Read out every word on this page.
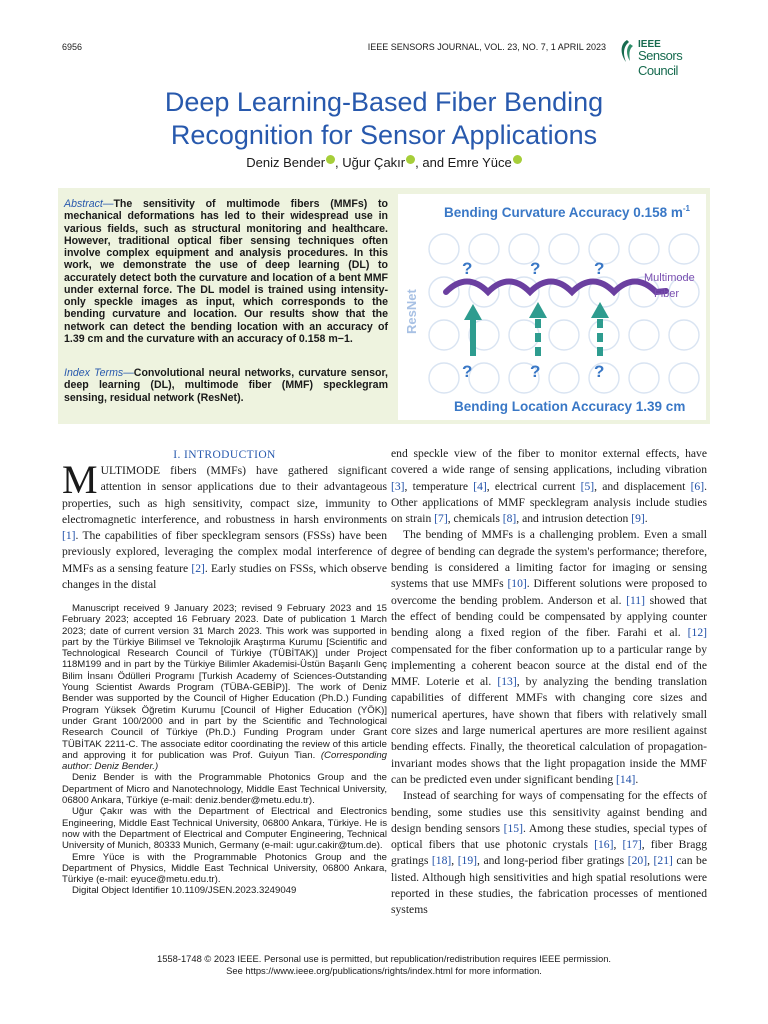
6956	IEEE SENSORS JOURNAL, VOL. 23, NO. 7, 1 APRIL 2023	IEEE
Sensors Council
Deep Learning-Based Fiber Bending
Recognition for Sensor Applications
Deniz Bender , Uğur Çakır , and Emre Yüce
Abstract—The sensitivity of multimode fibers (MMFs) to mechanical deformations has led to their widespread use in various fields, such as structural monitoring and healthcare. However, traditional optical fiber sensing techniques often involve complex equipment and analysis procedures. In this work, we demonstrate the use of deep learning (DL) to accurately detect both the curvature and location of a bent MMF under external force. The DL model is trained using intensity-only speckle images as input, which corresponds to the bending curvature and location. Our results show that the network can detect the bending location with an accuracy of 1.39 cm and the curvature with an accuracy of 0.158 m−1.
Index Terms—Convolutional neural networks, curvature sensor, deep learning (DL), multimode fiber (MMF) specklegram sensing, residual network (ResNet).
Bending Curvature Accuracy 0.158 $m^{-1}$
ResNet
Multimode
Fiber
?	?	?
?	?	?
Bending Location Accuracy 1.39 cm
I. INTRODUCTION
MULTIMODE fibers (MMFs) have gathered significant attention in sensor applications due to their advantageous properties, such as high sensitivity, compact size, immunity to electromagnetic interference, and robustness in harsh environments [1]. The capabilities of fiber specklegram sensors (FSSs) have been previously explored, leveraging the complex modal interference of MMFs as a sensing feature [2]. Early studies on FSSs, which observe changes in the distal

Manuscript received 9 January 2023; revised 9 February 2023 and 15 February 2023; accepted 16 February 2023. Date of publication 1 March 2023; date of current version 31 March 2023. This work was supported in part by the Türkiye Bilimsel ve Teknolojik Araştırma Kurumu [Scientific and Technological Research Council of Türkiye (TÜBİTAK)] under Project 118M199 and in part by the Türkiye Bilimler Akademisi-Üstün Başarılı Genç Bilim İnsanı Ödülleri Programı [Turkish Academy of Sciences-Outstanding Young Scientist Awards Program (TÜBA-GEBİP)]. The work of Deniz Bender was supported by the Council of Higher Education (Ph.D.) Funding Program Yüksek Öğretim Kurumu [Council of Higher Education (YÖK)] under Grant 100/2000 and in part by the Scientific and Technological Research Council of Türkiye (Ph.D.) Funding Program under Grant TÜBİTAK 2211-C. The associate editor coordinating the review of this article and approving it for publication was Prof. Guiyun Tian. (Corresponding author: Deniz Bender.)

Deniz Bender is with the Programmable Photonics Group and the Department of Micro and Nanotechnology, Middle East Technical University, 06800 Ankara, Türkiye (e-mail: deniz.bender@metu.edu.tr).

Uğur Çakır was with the Department of Electrical and Electronics Engineering, Middle East Technical University, 06800 Ankara, Türkiye. He is now with the Department of Electrical and Computer Engineering, Technical University of Munich, 80333 Munich, Germany (e-mail: ugur.cakir@tum.de).

Emre Yüce is with the Programmable Photonics Group and the Department of Physics, Middle East Technical University, 06800 Ankara, Türkiye (e-mail: eyuce@metu.edu.tr).

Digital Object Identifier 10.1109/JSEN.2023.3249049

end speckle view of the fiber to monitor external effects, have covered a wide range of sensing applications, including vibration [3], temperature [4], electrical current [5], and displacement [6]. Other applications of MMF specklegram analysis include studies on strain [7], chemicals [8], and intrusion detection [9].

The bending of MMFs is a challenging problem. Even a small degree of bending can degrade the system's performance; therefore, bending is considered a limiting factor for imaging or sensing systems that use MMFs [10]. Different solutions were proposed to overcome the bending problem. Anderson et al. [11] showed that the effect of bending could be compensated by applying counter bending along a fixed region of the fiber. Farahi et al. [12] compensated for the fiber conformation up to a particular range by implementing a coherent beacon source at the distal end of the MMF. Loterie et al. [13], by analyzing the bending translation capabilities of different MMFs with changing core sizes and numerical apertures, have shown that fibers with relatively small core sizes and large numerical apertures are more resilient against bending effects. Finally, the theoretical calculation of propagation-invariant modes shows that the light propagation inside the MMF can be predicted even under significant bending [14].

Instead of searching for ways of compensating for the effects of bending, some studies use this sensitivity against bending and design bending sensors [15]. Among these studies, special types of optical fibers that use photonic crystals [16], [17], fiber Bragg gratings [18], [19], and long-period fiber gratings [20], [21] can be listed. Although high sensitivities and high spatial resolutions were reported in these studies, the fabrication processes of mentioned systems

1558-1748 © 2023 IEEE. Personal use is permitted, but republication/redistribution requires IEEE permission.
See https://www.ieee.org/publications/rights/index.html for more information.
